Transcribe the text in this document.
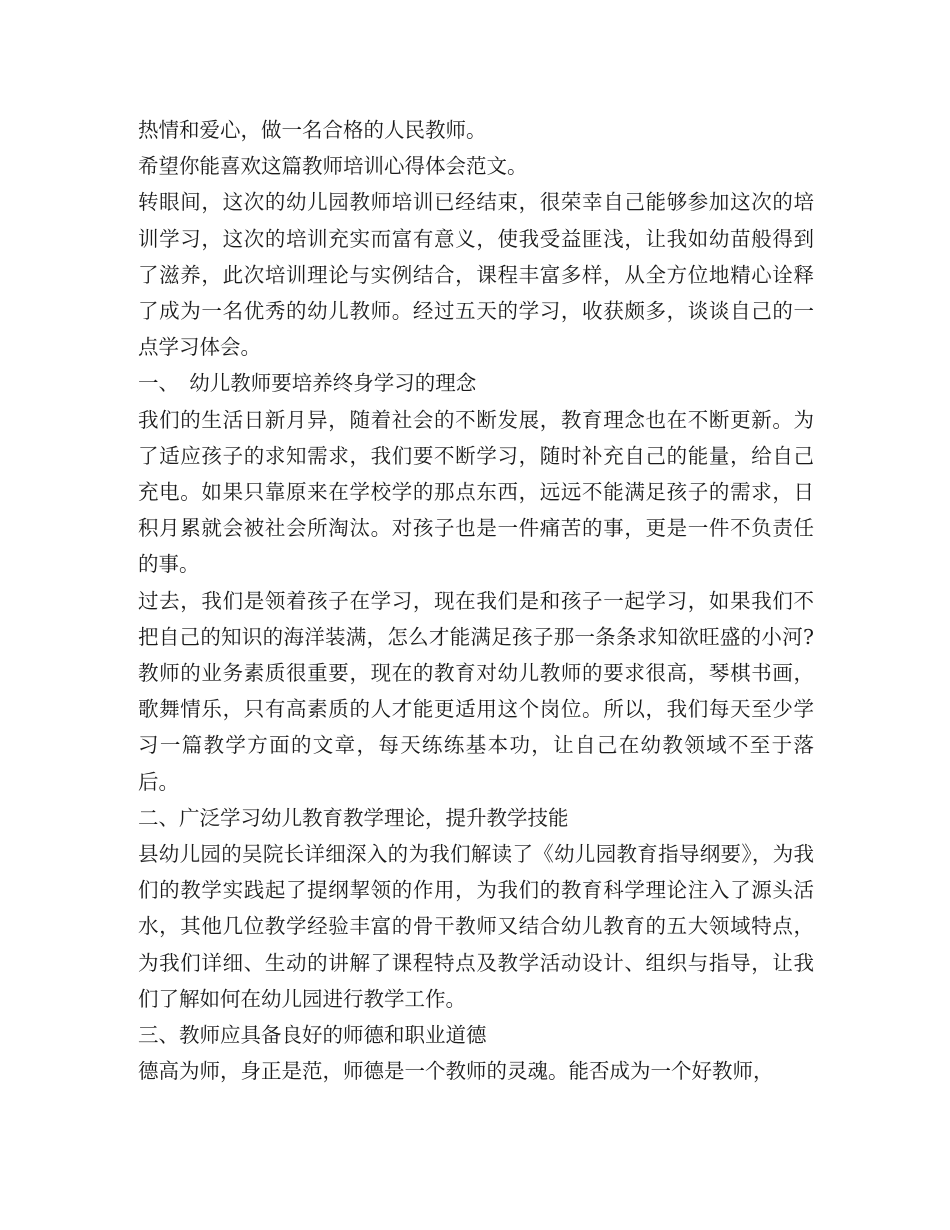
热情和爱心，做一名合格的人民教师。

希望你能喜欢这篇教师培训心得体会范文。

转眼间，这次的幼儿园教师培训已经结束，很荣幸自己能够参加这次的培训学习，这次的培训充实而富有意义，使我受益匪浅，让我如幼苗般得到了滋养，此次培训理论与实例结合，课程丰富多样，从全方位地精心诠释了成为一名优秀的幼儿教师。经过五天的学习，收获颇多，谈谈自己的一点学习体会。

一、　幼儿教师要培养终身学习的理念

我们的生活日新月异，随着社会的不断发展，教育理念也在不断更新。为了适应孩子的求知需求，我们要不断学习，随时补充自己的能量，给自己充电。如果只靠原来在学校学的那点东西，远远不能满足孩子的需求，日积月累就会被社会所淘汰。对孩子也是一件痛苦的事，更是一件不负责任的事。

过去，我们是领着孩子在学习，现在我们是和孩子一起学习，如果我们不把自己的知识的海洋装满，怎么才能满足孩子那一条条求知欲旺盛的小河?教师的业务素质很重要，现在的教育对幼儿教师的要求很高，琴棋书画，歌舞情乐，只有高素质的人才能更适用这个岗位。所以，我们每天至少学习一篇教学方面的文章，每天练练基本功，让自己在幼教领域不至于落后。

二、广泛学习幼儿教育教学理论，提升教学技能

县幼儿园的吴院长详细深入的为我们解读了《幼儿园教育指导纲要》，为我们的教学实践起了提纲挈领的作用，为我们的教育科学理论注入了源头活水，其他几位教学经验丰富的骨干教师又结合幼儿教育的五大领域特点，为我们详细、生动的讲解了课程特点及教学活动设计、组织与指导，让我们了解如何在幼儿园进行教学工作。

三、教师应具备良好的师德和职业道德

德高为师，身正是范，师德是一个教师的灵魂。能否成为一个好教师，
